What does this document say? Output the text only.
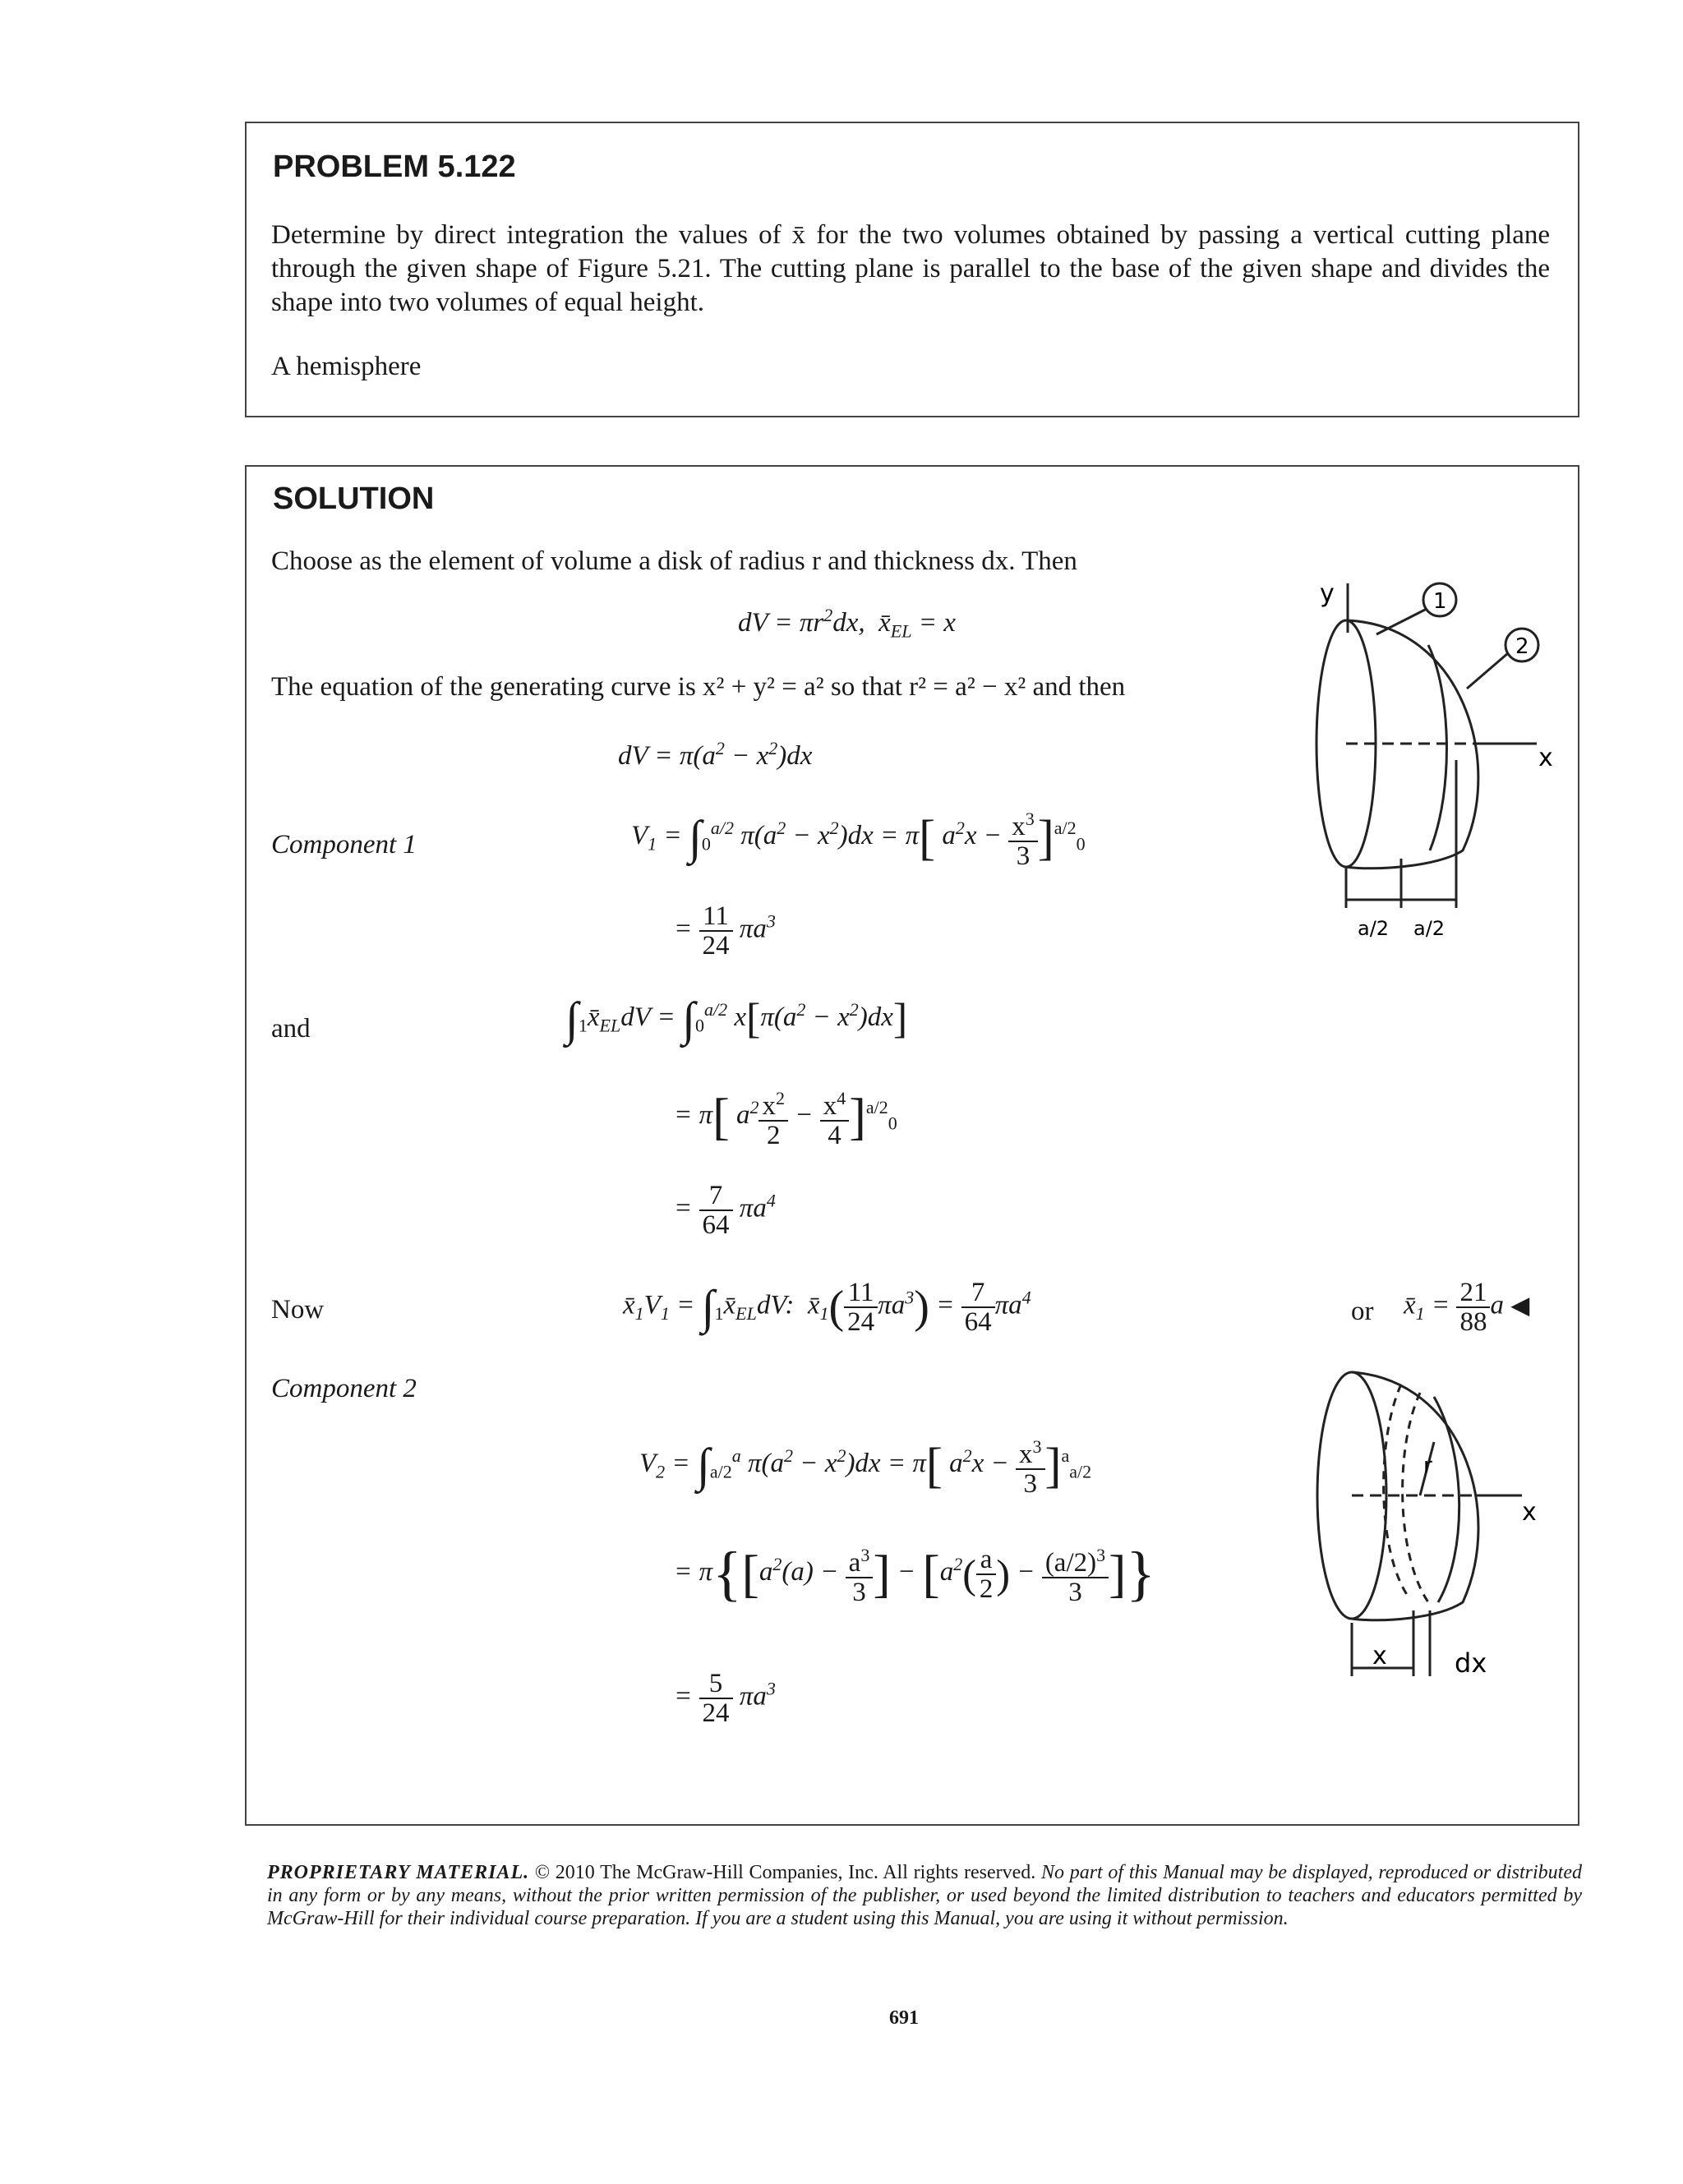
PROBLEM 5.122
Determine by direct integration the values of x̄ for the two volumes obtained by passing a vertical cutting plane through the given shape of Figure 5.21. The cutting plane is parallel to the base of the given shape and divides the shape into two volumes of equal height.
A hemisphere
SOLUTION
Choose as the element of volume a disk of radius r and thickness dx. Then
dV = $\pi r^2dx$,  $x̄_{EL} = x$
The equation of the generating curve is x² + y² = a² so that r² = a² − x² and then
dV = $\pi(a^2 - x^2)dx$
Component 1	$V_1 = \int_0^{a/2}$ $\pi(a^2 - x^2)dx = \pi$[ $a^2x - \frac{x^3}{3} ]^{a/2}_0$
= $\frac{11}{24} \pi a^3$
and	$\int_1x̄_{EL}dV = \int_0^{a/2}$ $x[\pi(a^2 - x^2)dx]$
= π[ $a^2 \frac{x^2}{2} - \frac{x^4}{4} ]^{a/2}_0$
= $\frac{7}{64} \pi a^4$
Now	$x̄_1V_1$ = $\int_1x̄_{EL}dV$:  $x̄_1( \frac{11}{24} \pi a^3) = \frac{7}{64} \pi a^4$	or $x̄_1 = \frac{21}{88}$ a ◀
Component 2
$V_2 = \int_{a/2}^a$ $\pi(a^2 - x^2)dx = \pi$[ $a^2x - \frac{x^3}{3} ]^a_{a/2}$
= $\pi\{[a^2(a) - \frac{a^3}{3}$ ] − [$a^2( \frac{a}{2}$ ) − $\frac{(a/2)^3}{3}$ ]}
= $\frac{5}{24} \pi a^3$
y	1
2
x
a/2 a/2
r
x
x	dx
PROPRIETARY MATERIAL. © 2010 The McGraw-Hill Companies, Inc. All rights reserved. No part of this Manual may be displayed, reproduced or distributed in any form or by any means, without the prior written permission of the publisher, or used beyond the limited distribution to teachers and educators permitted by McGraw-Hill for their individual course preparation. If you are a student using this Manual, you are using it without permission.
691
